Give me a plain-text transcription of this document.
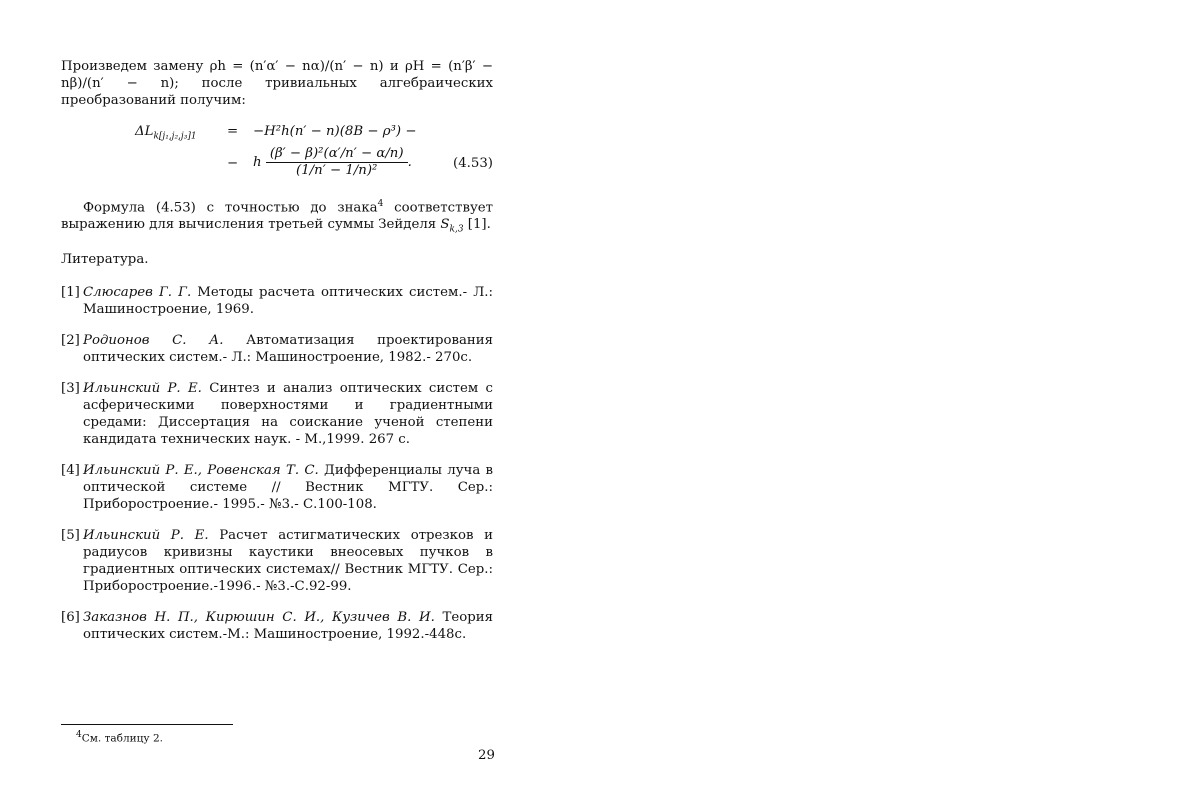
Произведем замену ρh = (n′α′ − nα)/(n′ − n) и ρH = (n′β′ − nβ)/(n′ − n); после тривиальных алгебраических преобразований получим:

$\Delta L_{k[j_1,j_2,j_3]1} = -H^2h(n' - n)(8B - \rho^3)$ −
− h $\frac{\text{(β′ − β)²(α′/n′ − α/n)}}{\text{(1/n′ − 1/n)²}}$ .	(4.53)

Формула (4.53) с точностью до знака$^4$ соответствует выражению для вычисления третьей суммы Зейделя $S_{k,3}$ [1].

Литература.

[1] Слюсарев Г. Г. Методы расчета оптических систем.- Л.: Машиностроение, 1969.
[2] Родионов С. А. Автоматизация проектирования оптических систем.- Л.: Машиностроение, 1982.- 270с.
[3] Ильинский Р. Е. Синтез и анализ оптических систем с асферическими поверхностями и градиентными средами: Диссертация на соискание ученой степени кандидата технических наук. - М.,1999. 267 с.
[4] Ильинский Р. Е., Ровенская Т. С. Дифференциалы луча в оптической системе // Вестник МГТУ. Сер.: Приборостроение.- 1995.- №3.- С.100-108.
[5] Ильинский Р. Е. Расчет астигматических отрезков и радиусов кривизны каустики внеосевых пучков в градиентных оптических системах// Вестник МГТУ. Сер.: Приборостроение.-1996.- №3.-С.92-99.
[6] Заказнов Н. П., Кирюшин С. И., Кузичев В. И. Теория оптических систем.-М.: Машиностроение, 1992.-448с.
$^4$См. таблицу 2.
29
